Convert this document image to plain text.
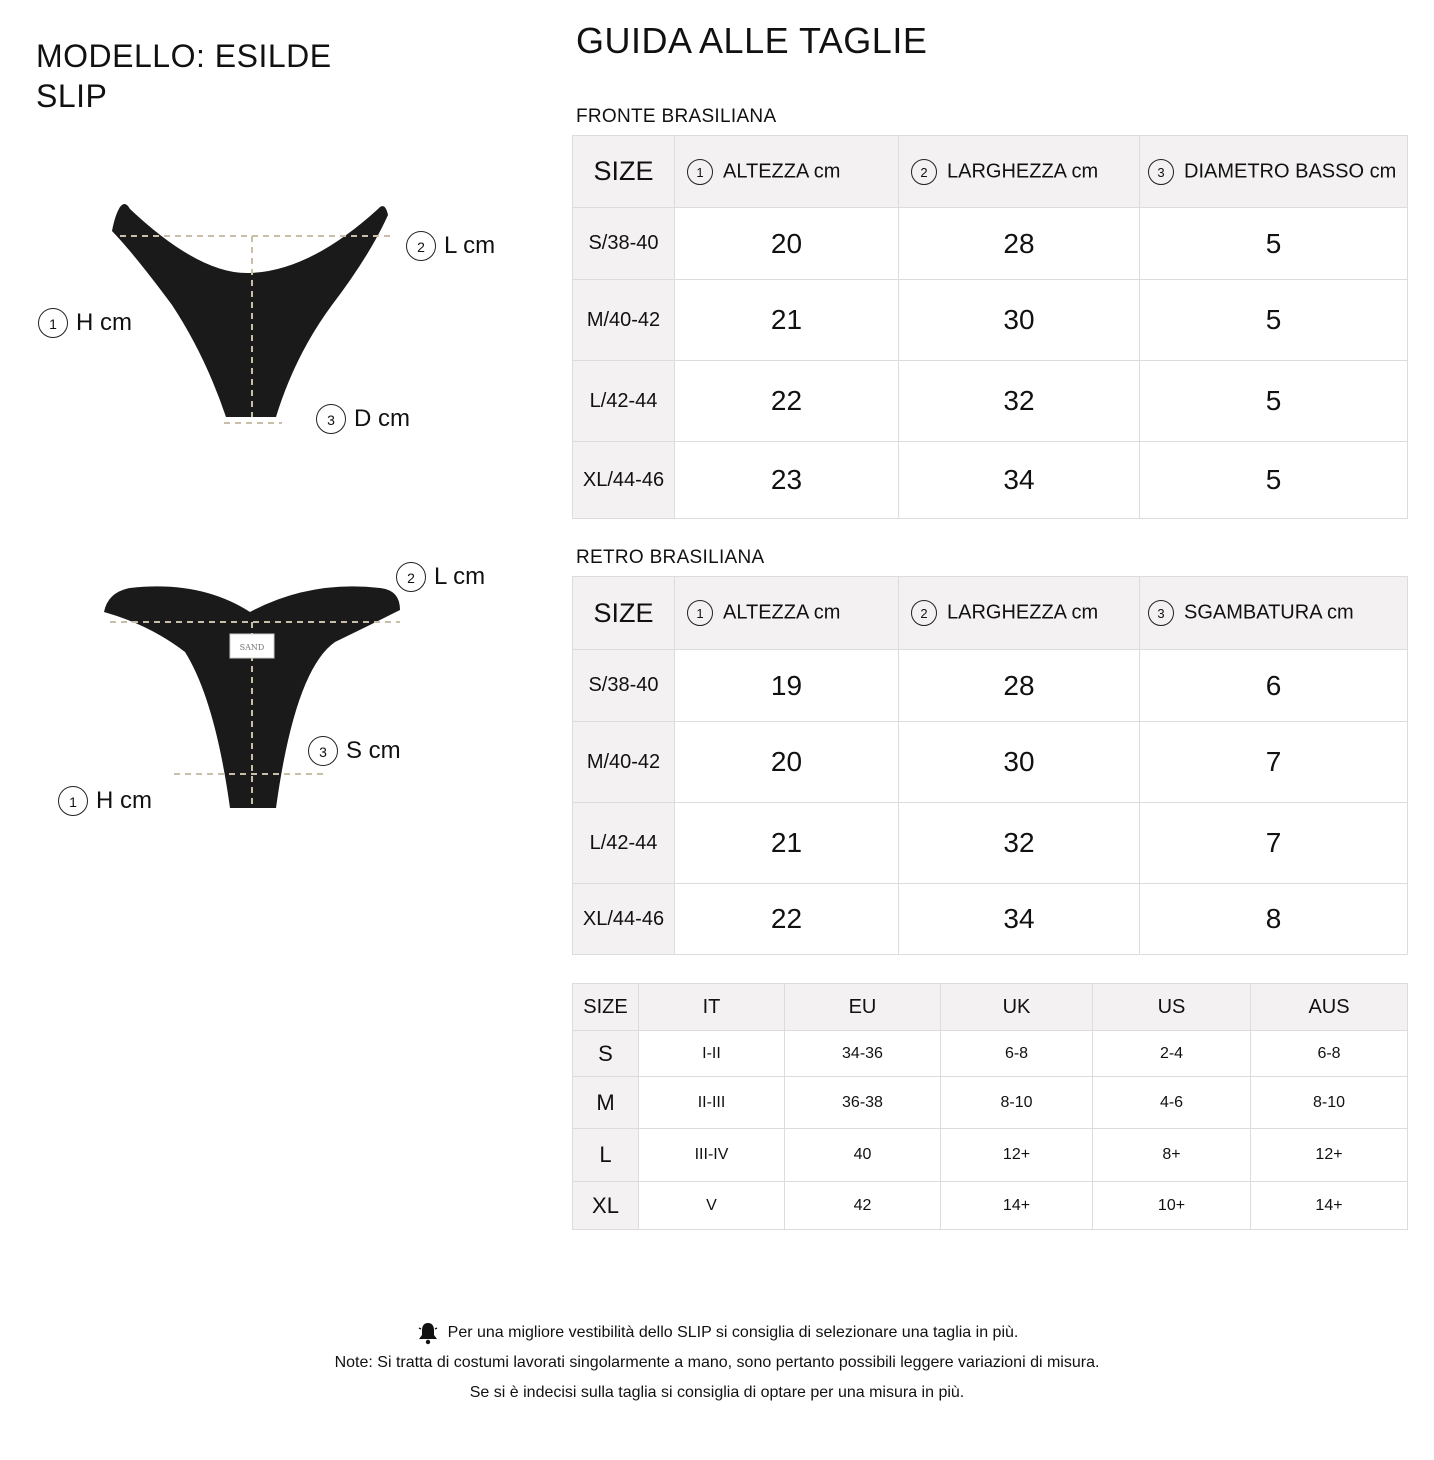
MODELLO: ESILDE
SLIP
GUIDA ALLE TAGLIE
2 L cm
1 H cm
3 D cm
SAND
2 L cm
3 S cm
1 H cm
FRONTE BRASILIANA
SIZE	1 ALTEZZA cm	2 LARGHEZZA cm	3 DIAMETRO BASSO cm
S/38-40	20	28	5
M/40-42	21	30	5
L/42-44	22	32	5
XL/44-46	23	34	5
RETRO BRASILIANA
SIZE	1 ALTEZZA cm	2 LARGHEZZA cm	3 SGAMBATURA cm
S/38-40	19	28	6
M/40-42	20	30	7
L/42-44	21	32	7
XL/44-46	22	34	8
SIZE	IT	EU	UK	US	AUS
S	I-II	34-36	6-8	2-4	6-8
M	II-III	36-38	8-10	4-6	8-10
L	III-IV	40	12+	8+	12+
XL	V	42	14+	10+	14+
Per una migliore vestibilità dello SLIP si consiglia di selezionare una taglia in più.
Note: Si tratta di costumi lavorati singolarmente a mano, sono pertanto possibili leggere variazioni di misura.
Se si è indecisi sulla taglia si consiglia di optare per una misura in più.
